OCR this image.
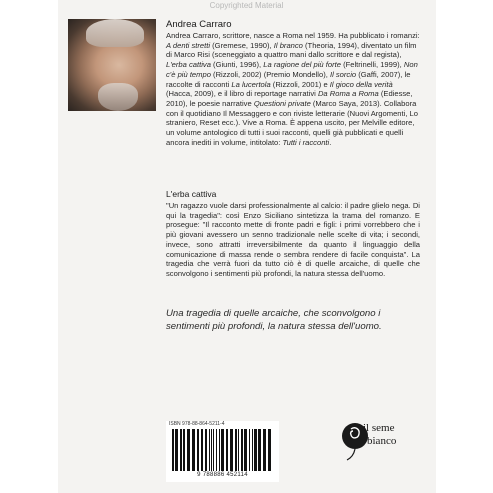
Copyrighted Material
Andrea Carraro

Andrea Carraro, scrittore, nasce a Roma nel 1959. Ha pubblicato i romanzi: A denti stretti (Gremese, 1990), Il branco (Theoria, 1994), diventato un film di Marco Risi (sceneggiato a quattro mani dallo scrittore e dal regista), L'erba cattiva (Giunti, 1996), La ragione del più forte (Feltrinelli, 1999), Non c'è più tempo (Rizzoli, 2002) (Premio Mondello), Il sorcio (Gaffi, 2007), le raccolte di racconti La lucertola (Rizzoli, 2001) e Il gioco della verità (Hacca, 2009), e il libro di reportage narrativi Da Roma a Roma (Ediesse, 2010), le poesie narrative Questioni private (Marco Saya, 2013). Collabora con il quotidiano Il Messaggero e con riviste letterarie (Nuovi Argomenti, Lo straniero, Reset ecc.). Vive a Roma. È appena uscito, per Melville editore, un volume antologico di tutti i suoi racconti, quelli già pubblicati e quelli ancora inediti in volume, intitolato: Tutti i racconti.

L'erba cattiva

"Un ragazzo vuole darsi professionalmente al calcio: il padre glielo nega. Di qui la tragedia": così Enzo Siciliano sintetizza la trama del romanzo. E prosegue: "Il racconto mette di fronte padri e figli: i primi vorrebbero che i più giovani avessero un senno tradizionale nelle scelte di vita; i secondi, invece, sono attratti irreversibilmente da quanto il linguaggio della comunicazione di massa rende o sembra rendere di facile conquista". La tragedia che verrà fuori da tutto ciò è di quelle arcaiche, di quelle che sconvolgono i sentimenti più profondi, la natura stessa dell'uomo.

Una tragedia di quelle arcaiche, che sconvolgono i sentimenti più profondi, la natura stessa dell'uomo.

ISBN 978-88-864-5211-4
9 788886 452114
il seme
bianco
